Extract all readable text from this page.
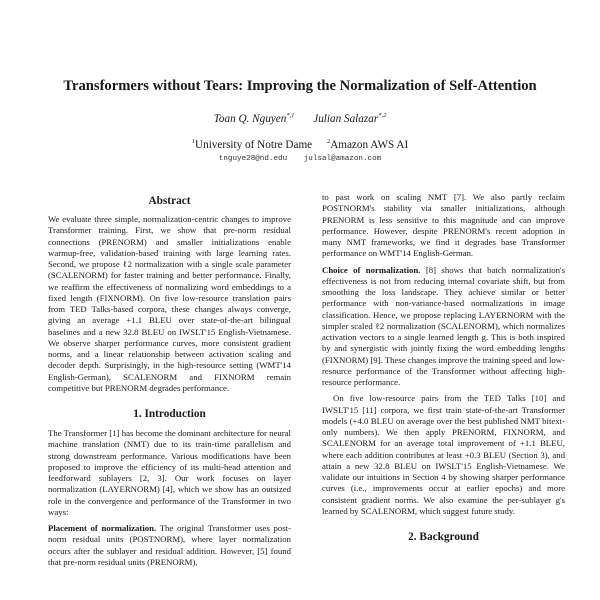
Transformers without Tears: Improving the Normalization of Self-Attention
Toan Q. Nguyen$^{*,1}$ Julian Salazar$^{*,2}$
$^1$University of Notre Dame $^2$Amazon AWS AI
tnguye28@nd.edu julsal@amazon.com
Abstract

We evaluate three simple, normalization-centric changes to improve Transformer training. First, we show that pre-norm residual connections (PRENORM) and smaller initializations enable warmup-free, validation-based training with large learning rates. Second, we propose ℓ2 normalization with a single scale parameter (SCALENORM) for faster training and better performance. Finally, we reaffirm the effectiveness of normalizing word embeddings to a fixed length (FIXNORM). On five low-resource translation pairs from TED Talks-based corpora, these changes always converge, giving an average +1.1 BLEU over state-of-the-art bilingual baselines and a new 32.8 BLEU on IWSLT'15 English-Vietnamese. We observe sharper performance curves, more consistent gradient norms, and a linear relationship between activation scaling and decoder depth. Surprisingly, in the high-resource setting (WMT'14 English-German), SCALENORM and FIXNORM remain competitive but PRENORM degrades performance.

1. Introduction

The Transformer [1] has become the dominant architecture for neural machine translation (NMT) due to its train-time parallelism and strong downstream performance. Various modifications have been proposed to improve the efficiency of its multi-head attention and feedforward sublayers [2, 3]. Our work focuses on layer normalization (LAYERNORM) [4], which we show has an outsized role in the convergence and performance of the Transformer in two ways:

Placement of normalization. The original Transformer uses post-norm residual units (POSTNORM), where layer normalization occurs after the sublayer and residual addition. However, [5] found that pre-norm residual units (PRENORM),

to past work on scaling NMT [7]. We also partly reclaim POSTNORM's stability via smaller initializations, although PRENORM is less sensitive to this magnitude and can improve performance. However, despite PRENORM's recent adoption in many NMT frameworks, we find it degrades base Transformer performance on WMT'14 English-German.

Choice of normalization. [8] shows that batch normalization's effectiveness is not from reducing internal covariate shift, but from smoothing the loss landscape. They achieve similar or better performance with non-variance-based normalizations in image classification. Hence, we propose replacing LAYERNORM with the simpler scaled ℓ2 normalization (SCALENORM), which normalizes activation vectors to a single learned length g. This is both inspired by and synergistic with jointly fixing the word embedding lengths (FIXNORM) [9]. These changes improve the training speed and low-resource performance of the Transformer without affecting high-resource performance.

On five low-resource pairs from the TED Talks [10] and IWSLT'15 [11] corpora, we first train state-of-the-art Transformer models (+4.0 BLEU on average over the best published NMT bitext-only numbers). We then apply PRENORM, FIXNORM, and SCALENORM for an average total improvement of +1.1 BLEU, where each addition contributes at least +0.3 BLEU (Section 3), and attain a new 32.8 BLEU on IWSLT'15 English-Vietnamese. We validate our intuitions in Section 4 by showing sharper performance curves (i.e., improvements occur at earlier epochs) and more consistent gradient norms. We also examine the per-sublayer g's learned by SCALENORM, which suggest future study.

2. Background
